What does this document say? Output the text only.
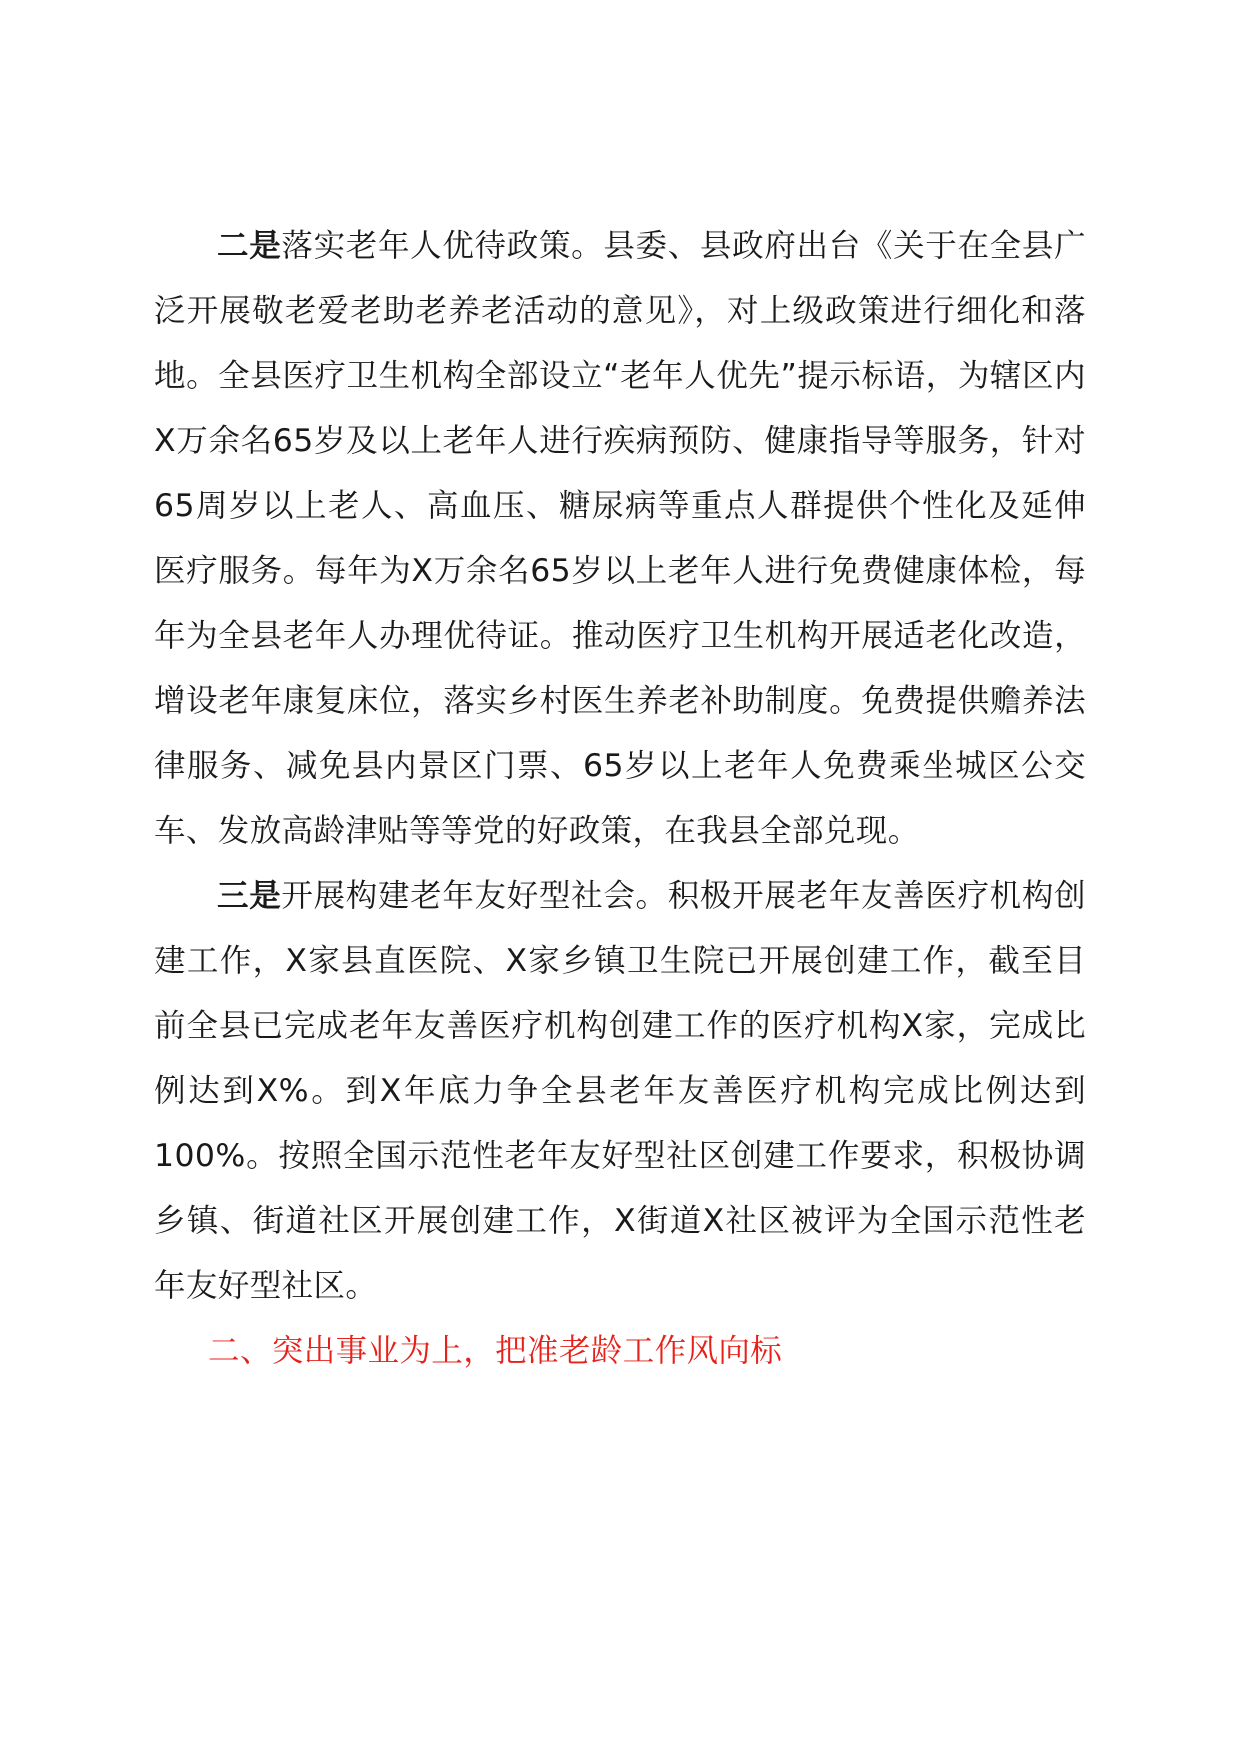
二是落实老年人优待政策。县委、县政府出台《关于在全县广泛开展敬老爱老助老养老活动的意见》，对上级政策进行细化和落地。全县医疗卫生机构全部设立“老年人优先”提示标语，为辖区内X万余名65岁及以上老年人进行疾病预防、健康指导等服务，针对65周岁以上老人、高血压、糖尿病等重点人群提供个性化及延伸医疗服务。每年为X万余名65岁以上老年人进行免费健康体检，每年为全县老年人办理优待证。推动医疗卫生机构开展适老化改造，增设老年康复床位，落实乡村医生养老补助制度。免费提供赡养法律服务、减免县内景区门票、65岁以上老年人免费乘坐城区公交车、发放高龄津贴等等党的好政策，在我县全部兑现。

三是开展构建老年友好型社会。积极开展老年友善医疗机构创建工作，X家县直医院、X家乡镇卫生院已开展创建工作，截至目前全县已完成老年友善医疗机构创建工作的医疗机构X家，完成比例达到X%。到X年底力争全县老年友善医疗机构完成比例达到100%。按照全国示范性老年友好型社区创建工作要求，积极协调乡镇、街道社区开展创建工作，X街道X社区被评为全国示范性老年友好型社区。

二、突出事业为上，把准老龄工作风向标
